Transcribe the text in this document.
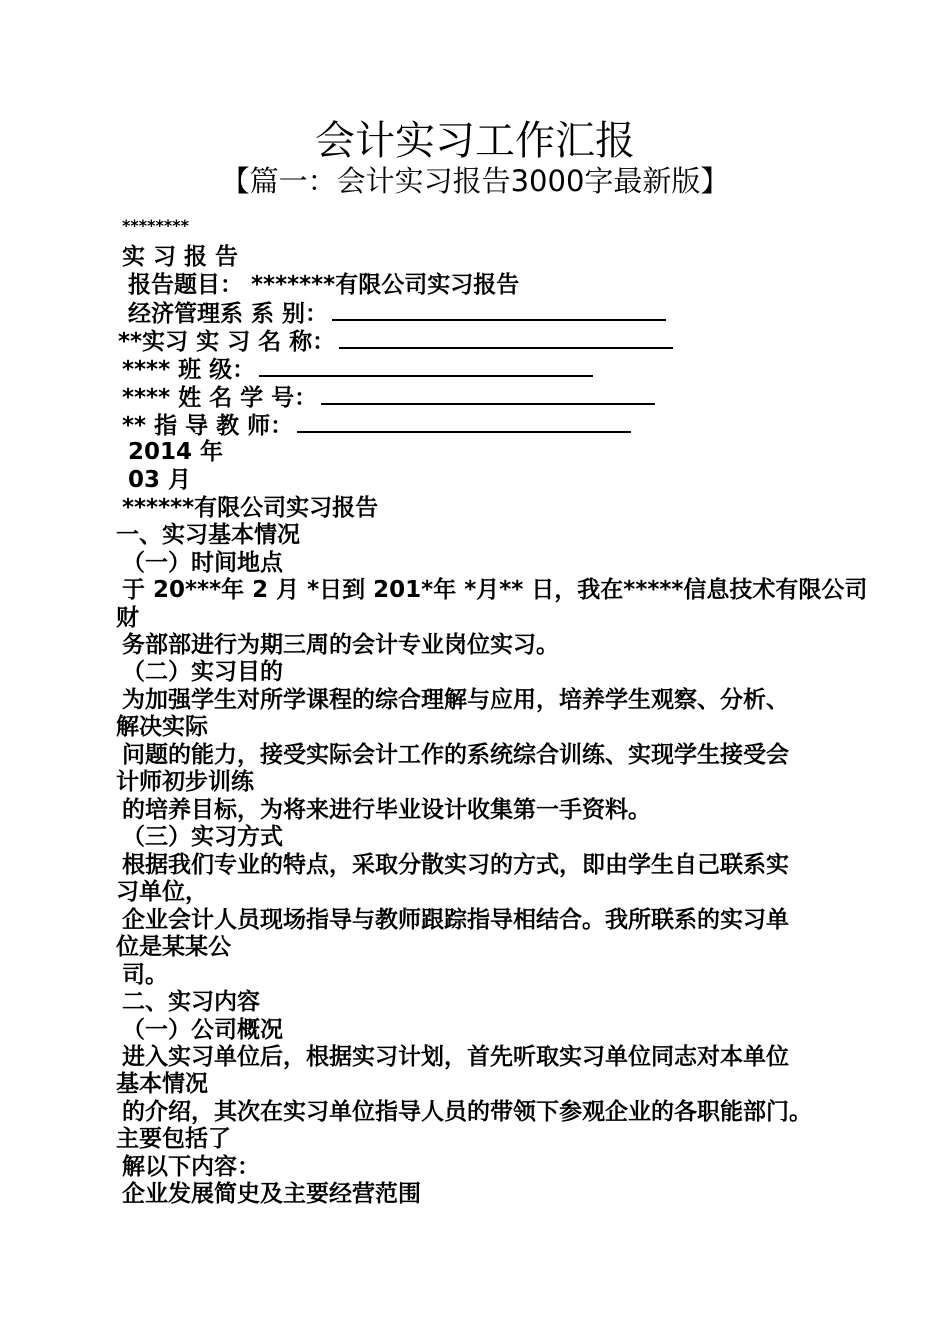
会计实习工作汇报
【篇一：会计实习报告3000字最新版】
********
实 习 报 告
报告题目： *******有限公司实习报告
经济管理系 系 别：
**实习 实 习 名 称：
**** 班 级：
**** 姓 名 学 号：
** 指 导 教 师：
2014 年
03 月
******有限公司实习报告
一、实习基本情况
（一）时间地点
于 20***年 2 月 *日到 201*年 *月** 日，我在*****信息技术有限公司
财
务部部进行为期三周的会计专业岗位实习。
（二）实习目的
为加强学生对所学课程的综合理解与应用，培养学生观察、分析、
解决实际
问题的能力，接受实际会计工作的系统综合训练、实现学生接受会
计师初步训练
的培养目标，为将来进行毕业设计收集第一手资料。
（三）实习方式
根据我们专业的特点，采取分散实习的方式，即由学生自己联系实
习单位，
企业会计人员现场指导与教师跟踪指导相结合。我所联系的实习单
位是某某公
司。
二、实习内容
（一）公司概况
进入实习单位后，根据实习计划，首先听取实习单位同志对本单位
基本情况
的介绍，其次在实习单位指导人员的带领下参观企业的各职能部门。
主要包括了
解以下内容：
企业发展简史及主要经营范围
